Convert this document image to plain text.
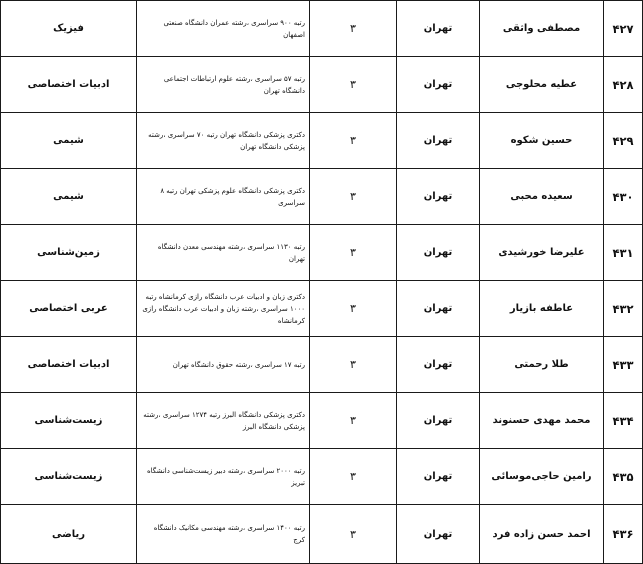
۴۲۷	مصطفی واثقی	تهران	۳	رتبه ۹۰۰ سراسری ،رشته عمران دانشگاه صنعتی اصفهان	فیزیک
۴۲۸	عطیه محلوجی	تهران	۳	رتبه ۵۷ سراسری ،رشته علوم ارتباطات اجتماعی دانشگاه تهران	ادبیات اختصاصی
۴۲۹	حسین شکوه	تهران	۳	دکتری پزشکی دانشگاه تهران رتبه ۷۰ سراسری ،رشته پزشکی دانشگاه تهران	شیمی
۴۳۰	سعیده محبی	تهران	۳	دکتری پزشکی دانشگاه علوم پزشکی تهران رتبه ۸ سراسری	شیمی
۴۳۱	علیرضا خورشیدی	تهران	۳	رتبه ۱۱۳۰ سراسری ،رشته مهندسی معدن دانشگاه تهران	زمین‌شناسی
۴۳۲	عاطفه بازیار	تهران	۳	دکتری زبان و ادبیات عرب دانشگاه رازی کرمانشاه رتبه ۱۰۰۰ سراسری ،رشته زبان و ادبیات عرب دانشگاه رازی کرمانشاه	عربی اختصاصی
۴۳۳	طلا رحمتی	تهران	۳	رتبه ۱۷ سراسری ،رشته حقوق دانشگاه تهران	ادبیات اختصاصی
۴۳۴	محمد مهدی حسنوند	تهران	۳	دکتری پزشکی دانشگاه البرز رتبه ۱۲۷۴ سراسری ،رشته پزشکی دانشگاه البرز	زیست‌شناسی
۴۳۵	رامین حاجی‌موسائی	تهران	۳	رتبه ۲۰۰۰ سراسری ،رشته دبیر زیست‌شناسی دانشگاه تبریز	زیست‌شناسی
۴۳۶	احمد حسن زاده فرد	تهران	۳	رتبه ۱۴۰۰ سراسری ،رشته مهندسی مکانیک دانشگاه کرج	ریاضی
